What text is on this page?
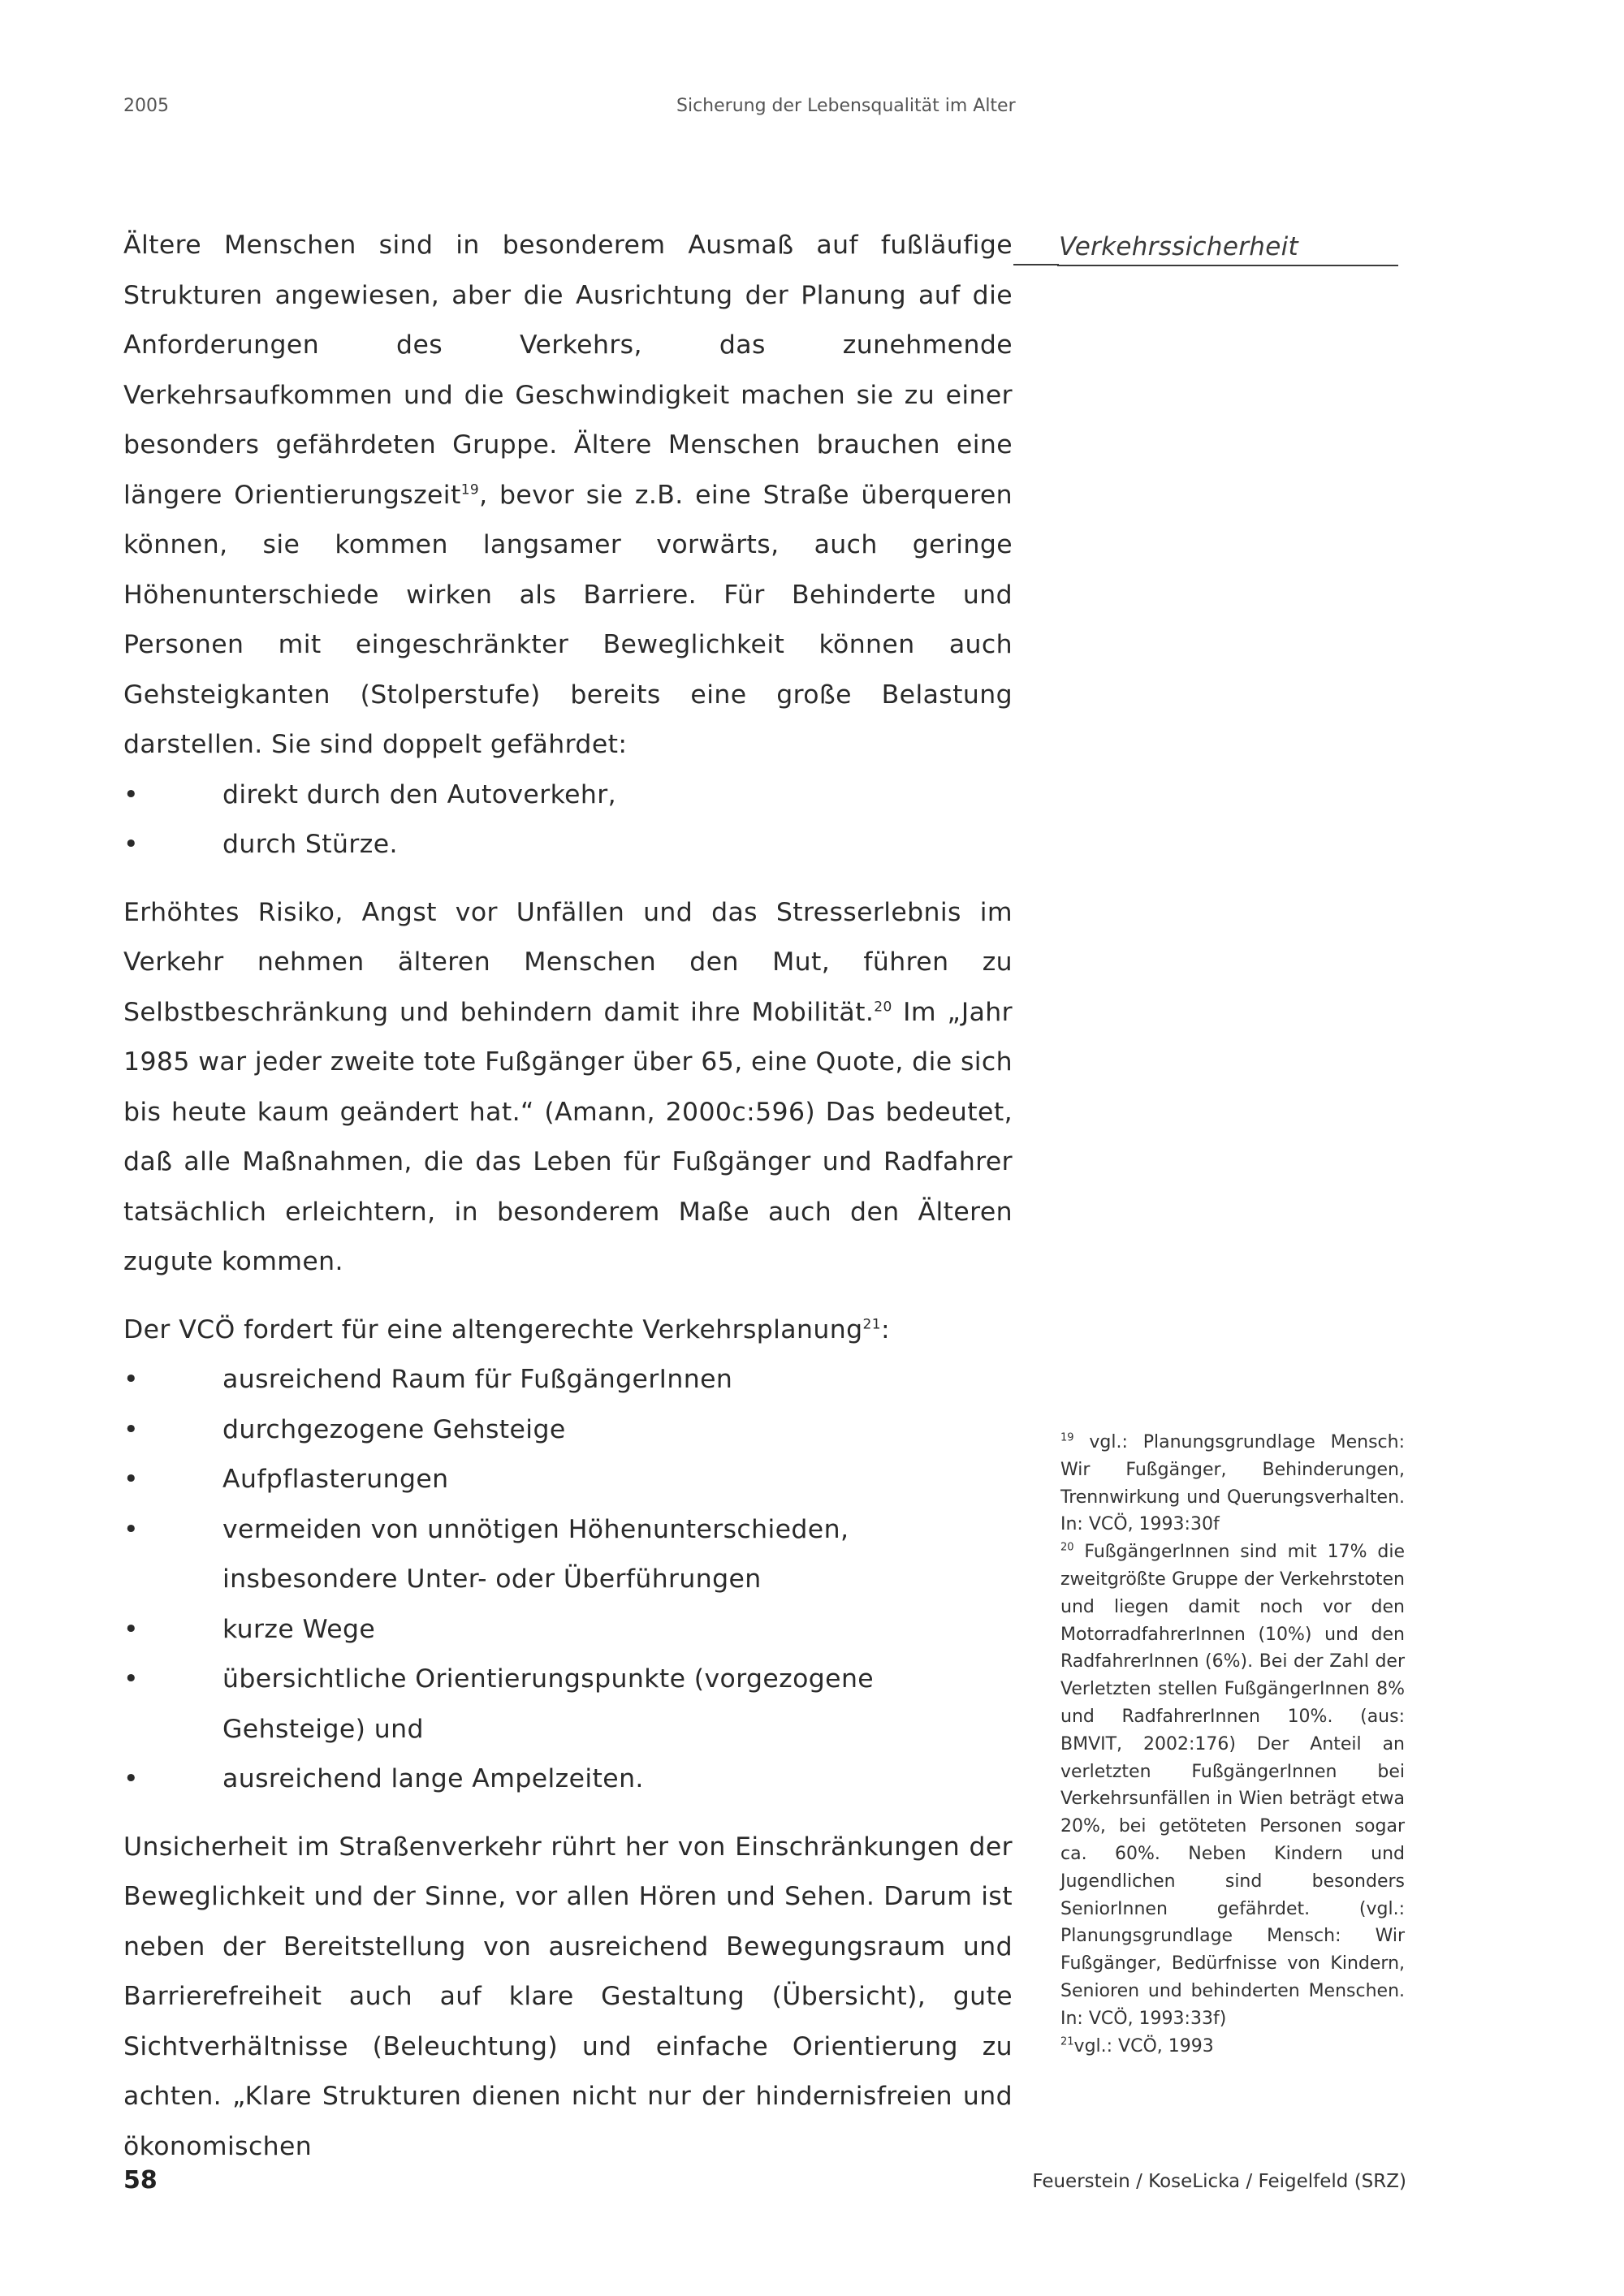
2005	Sicherung der Lebensqualität im Alter
Verkehrssicherheit

Ältere Menschen sind in besonderem Ausmaß auf fußläufige Strukturen angewiesen, aber die Ausrichtung der Planung auf die Anforderungen des Verkehrs, das zunehmende Verkehrsaufkommen und die Geschwindigkeit machen sie zu einer besonders gefährdeten Gruppe. Ältere Menschen brauchen eine längere Orientierungszeit$^{19}$, bevor sie z.B. eine Straße überqueren können, sie kommen langsamer vorwärts, auch geringe Höhenunterschiede wirken als Barriere. Für Behinderte und Personen mit eingeschränkter Beweglichkeit können auch Gehsteigkanten (Stolperstufe) bereits eine große Belastung darstellen. Sie sind doppelt gefährdet:

•	direkt durch den Autoverkehr,
•	durch Stürze.

Erhöhtes Risiko, Angst vor Unfällen und das Stresserlebnis im Verkehr nehmen älteren Menschen den Mut, führen zu Selbstbeschränkung und behindern damit ihre Mobilität.$^{20}$ Im „Jahr 1985 war jeder zweite tote Fußgänger über 65, eine Quote, die sich bis heute kaum geändert hat.“ (Amann, 2000c:596) Das bedeutet, daß alle Maßnahmen, die das Leben für Fußgänger und Radfahrer tatsächlich erleichtern, in besonderem Maße auch den Älteren zugute kommen.

Der VCÖ fordert für eine altengerechte Verkehrsplanung$^{21}$:

•	ausreichend Raum für FußgängerInnen
•	durchgezogene Gehsteige
•	Aufpflasterungen
•	vermeiden von unnötigen Höhenunterschieden, insbesondere Unter- oder Überführungen
•	kurze Wege
•	übersichtliche Orientierungspunkte (vorgezogene Gehsteige) und
•	ausreichend lange Ampelzeiten.

Unsicherheit im Straßenverkehr rührt her von Einschränkungen der Beweglichkeit und der Sinne, vor allen Hören und Sehen. Darum ist neben der Bereitstellung von ausreichend Bewegungsraum und Barrierefreiheit auch auf klare Gestaltung (Übersicht), gute Sichtverhältnisse (Beleuchtung) und einfache Orientierung zu achten. „Klare Strukturen dienen nicht nur der hindernisfreien und ökonomischen

$^{19}$ vgl.: Planungsgrundlage Mensch: Wir Fußgänger, Behinderungen, Trennwirkung und Querungsverhalten. In: VCÖ, 1993:30f

$^{20}$ FußgängerInnen sind mit 17% die zweitgrößte Gruppe der Verkehrstoten und liegen damit noch vor den MotorradfahrerInnen (10%) und den RadfahrerInnen (6%). Bei der Zahl der Verletzten stellen FußgängerInnen 8% und RadfahrerInnen 10%. (aus: BMVIT, 2002:176) Der Anteil an verletzten FußgängerInnen bei Verkehrsunfällen in Wien beträgt etwa 20%, bei getöteten Personen sogar ca. 60%. Neben Kindern und Jugendlichen sind besonders SeniorInnen gefährdet. (vgl.: Planungsgrundlage Mensch: Wir Fußgänger, Bedürfnisse von Kindern, Senioren und behinderten Menschen. In: VCÖ, 1993:33f)

$^{21}$vgl.: VCÖ, 1993

58	Feuerstein / KoseLicka / Feigelfeld (SRZ)
